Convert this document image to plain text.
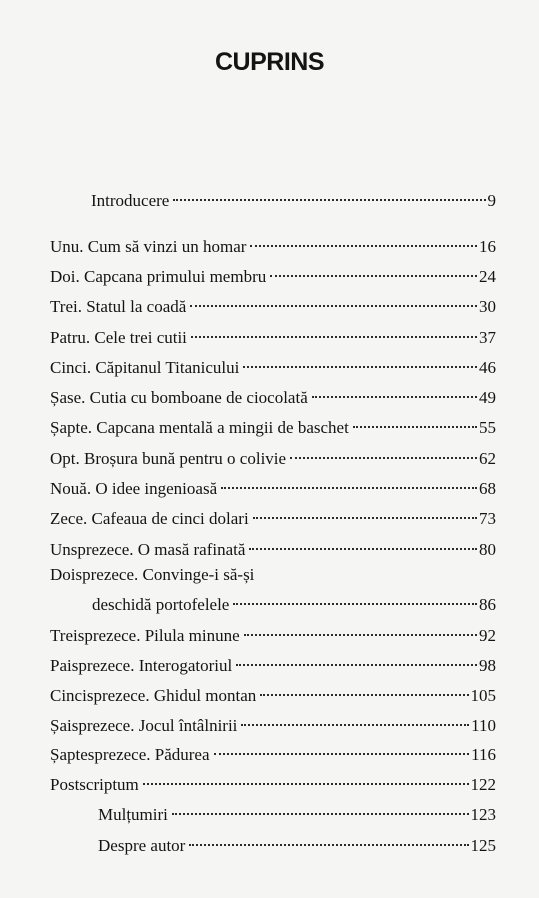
CUPRINS
Introducere	9
Unu. Cum să vinzi un homar	16
Doi. Capcana primului membru	24
Trei. Statul la coadă	30
Patru. Cele trei cutii	37
Cinci. Căpitanul Titanicului	46
Șase. Cutia cu bomboane de ciocolată	49
Șapte. Capcana mentală a mingii de baschet	55
Opt. Broșura bună pentru o colivie	62
Nouă. O idee ingenioasă	68
Zece. Cafeaua de cinci dolari	73
Unsprezece. O masă rafinată	80
Doisprezece. Convinge-i să-și
deschidă portofelele	86
Treisprezece. Pilula minune	92
Paisprezece. Interogatoriul	98
Cincisprezece. Ghidul montan	105
Șaisprezece. Jocul întâlnirii	110
Șaptesprezece. Pădurea	116
Postscriptum	122
Mulțumiri	123
Despre autor	125
